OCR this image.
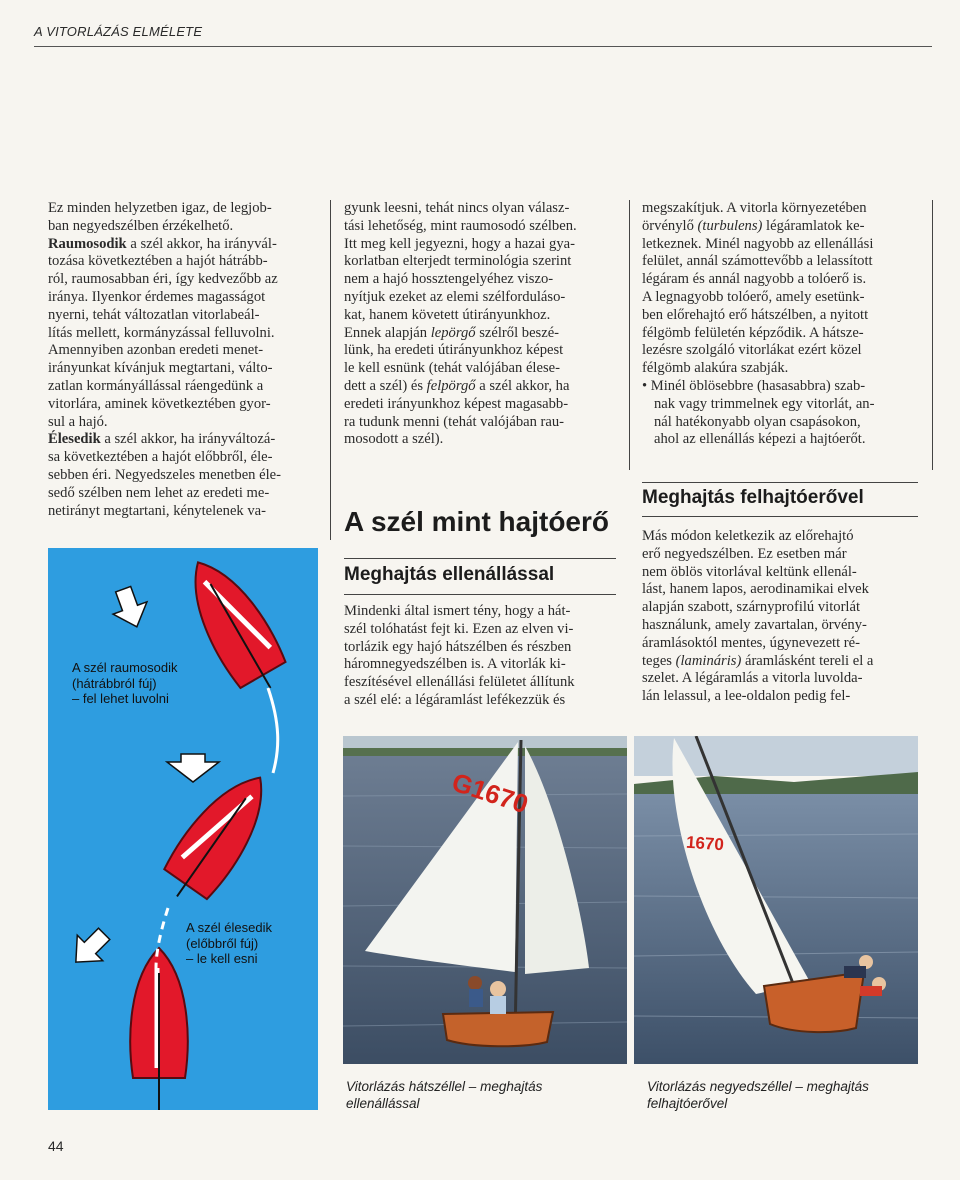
A VITORLÁZÁS ELMÉLETE

Ez minden helyzetben igaz, de legjob-

ban negyedszélben érzékelhető.

Raumosodik a szél akkor, ha irányvál-

tozása következtében a hajót hátrább-

ról, raumosabban éri, így kedvezőbb az

iránya. Ilyenkor érdemes magasságot

nyerni, tehát változatlan vitorlabeál-

lítás mellett, kormányzással felluvolni.

Amennyiben azonban eredeti menet-

irányunkat kívánjuk megtartani, válto-

zatlan kormányállással ráengedünk a

vitorlára, aminek következtében gyor-

sul a hajó.

Élesedik a szél akkor, ha irányváltozá-

sa következtében a hajót előbbről, éle-

sebben éri. Negyedszeles menetben éle-

sedő szélben nem lehet az eredeti me-

netirányt megtartani, kénytelenek va-

A szél raumosodik
(hátrábbról fúj)
– fel lehet luvolni
A szél élesedik
(előbbről fúj)
– le kell esni

gyunk leesni, tehát nincs olyan válasz-

tási lehetőség, mint raumosodó szélben.

Itt meg kell jegyezni, hogy a hazai gya-

korlatban elterjedt terminológia szerint

nem a hajó hossztengelyéhez viszo-

nyítjuk ezeket az elemi szélforduláso-

kat, hanem követett útirányunkhoz.

Ennek alapján lepörgő szélről beszé-

lünk, ha eredeti útirányunkhoz képest

le kell esnünk (tehát valójában élese-

dett a szél) és felpörgő a szél akkor, ha

eredeti irányunkhoz képest magasabb-

ra tudunk menni (tehát valójában rau-

mosodott a szél).

A szél mint hajtóerő
Meghajtás ellenállással

Mindenki által ismert tény, hogy a hát-

szél tolóhatást fejt ki. Ezen az elven vi-

torlázik egy hajó hátszélben és részben

háromnegyedszélben is. A vitorlák ki-

feszítésével ellenállási felületet állítunk

a szél elé: a légáramlást lefékezzük és

megszakítjuk. A vitorla környezetében

örvénylő (turbulens) légáramlatok ke-

letkeznek. Minél nagyobb az ellenállási

felület, annál számottevőbb a lelassított

légáram és annál nagyobb a tolóerő is.

A legnagyobb tolóerő, amely esetünk-

ben előrehajtó erő hátszélben, a nyitott

félgömb felületén képződik. A hátsze-

lezésre szolgáló vitorlákat ezért közel

félgömb alakúra szabják.

• Minél öblösebbre (hasasabbra) szab-

nak vagy trimmelnek egy vitorlát, an-

nál hatékonyabb olyan csapásokon,

ahol az ellenállás képezi a hajtóerőt.

Meghajtás felhajtóerővel

Más módon keletkezik az előrehajtó

erő negyedszélben. Ez esetben már

nem öblös vitorlával keltünk ellenál-

lást, hanem lapos, aerodinamikai elvek

alapján szabott, szárnyprofilú vitorlát

használunk, amely zavartalan, örvény-

áramlásoktól mentes, úgynevezett ré-

teges (lamináris) áramlásként tereli el a

szelet. A légáramlás a vitorla luvolda-

lán lelassul, a lee-oldalon pedig fel-

G1670
Vitorlázás hátszéllel – meghajtás
ellenállással
1670
Vitorlázás negyedszéllel – meghajtás
felhajtóerővel
44
